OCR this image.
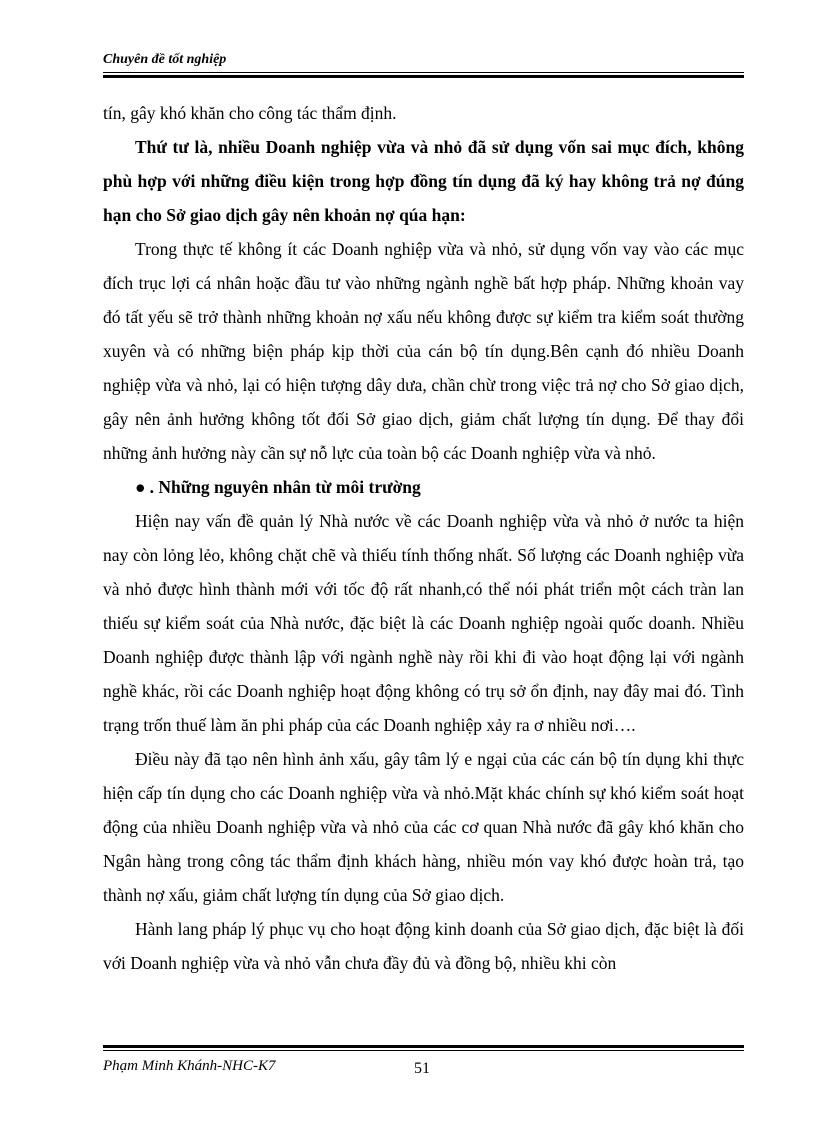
Chuyên đề tốt nghiệp

tín, gây khó khăn cho công tác thẩm định.

Thứ tư là, nhiều Doanh nghiệp vừa và nhỏ đã sử dụng vốn sai mục đích, không phù hợp với những điều kiện trong hợp đồng tín dụng đã ký hay không trả nợ đúng hạn cho Sở giao dịch gây nên khoản nợ qúa hạn:

Trong thực tế không ít các Doanh nghiệp vừa và nhỏ, sử dụng vốn vay vào các mục đích trục lợi cá nhân hoặc đầu tư vào những ngành nghề bất hợp pháp. Những khoản vay đó tất yếu sẽ trở thành những khoản nợ xấu nếu không được sự kiểm tra kiểm soát thường xuyên và có những biện pháp kịp thời của cán bộ tín dụng.Bên cạnh đó nhiều Doanh nghiệp vừa và nhỏ, lại có hiện tượng dây dưa, chần chừ trong việc trả nợ cho Sở giao dịch, gây nên ảnh hưởng không tốt đối Sở giao dịch, giảm chất lượng tín dụng. Để thay đổi những ảnh hưởng này cần sự nỗ lực của toàn bộ các Doanh nghiệp vừa và nhỏ.

● . Những nguyên nhân từ môi trường

Hiện nay vấn đề quản lý Nhà nước về các Doanh nghiệp vừa và nhỏ ở nước ta hiện nay còn lỏng lẻo, không chặt chẽ và thiếu tính thống nhất. Số lượng các Doanh nghiệp vừa và nhỏ được hình thành mới với tốc độ rất nhanh,có thể nói phát triển một cách tràn lan thiếu sự kiểm soát của Nhà nước, đặc biệt là các Doanh nghiệp ngoài quốc doanh. Nhiều Doanh nghiệp được thành lập với ngành nghề này rồi khi đi vào hoạt động lại với ngành nghề khác, rồi các Doanh nghiệp hoạt động không có trụ sở ổn định, nay đây mai đó. Tình trạng trốn thuế làm ăn phi pháp của các Doanh nghiệp xảy ra ơ nhiều nơi….

Điều này đã tạo nên hình ảnh xấu, gây tâm lý e ngại của các cán bộ tín dụng khi thực hiện cấp tín dụng cho các Doanh nghiệp vừa và nhỏ.Mặt khác chính sự khó kiểm soát hoạt động của nhiều Doanh nghiệp vừa và nhỏ của các cơ quan Nhà nước đã gây khó khăn cho Ngân hàng trong công tác thẩm định khách hàng, nhiều món vay khó được hoàn trả, tạo thành nợ xấu, giảm chất lượng tín dụng của Sở giao dịch.

Hành lang pháp lý phục vụ cho hoạt động kinh doanh của Sở giao dịch, đặc biệt là đối với Doanh nghiệp vừa và nhỏ vẫn chưa đầy đủ và đồng bộ, nhiều khi còn

Phạm Minh Khánh-NHC-K7	51
